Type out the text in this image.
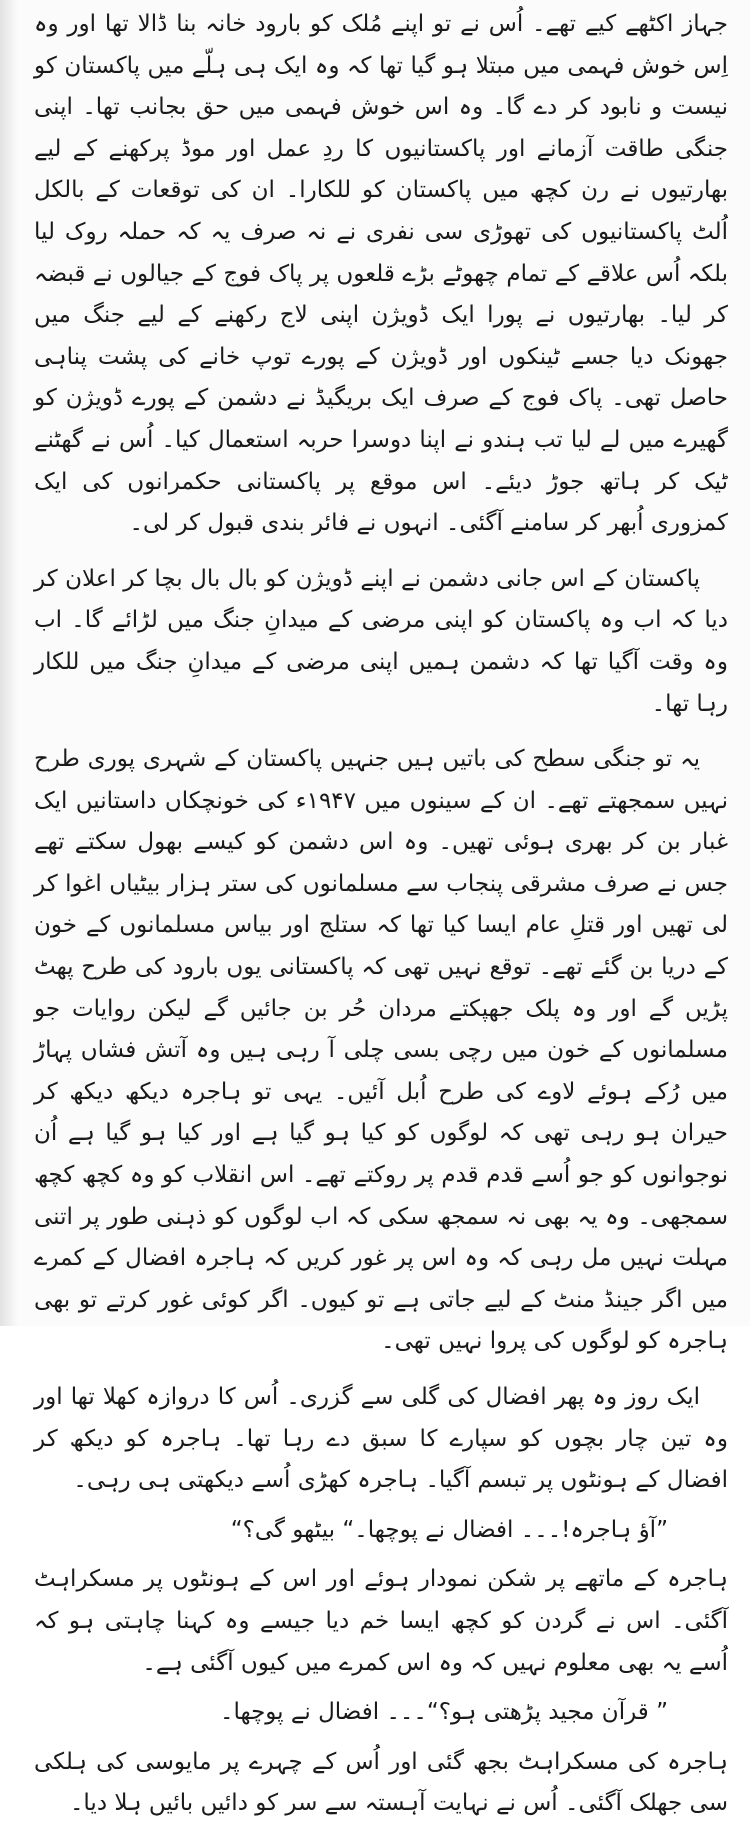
جہاز اکٹھے کیے تھے۔ اُس نے تو اپنے مُلک کو بارود خانہ بنا ڈالا تھا اور وہ اِس خوش فہمی میں مبتلا ہو گیا تھا کہ وہ ایک ہی ہلّے میں پاکستان کو نیست و نابود کر دے گا۔ وہ اس خوش فہمی میں حق بجانب تھا۔ اپنی جنگی طاقت آزمانے اور پاکستانیوں کا ردِ عمل اور موڈ پرکھنے کے لیے بھارتیوں نے رن کچھ میں پاکستان کو للکارا۔ ان کی توقعات کے بالکل اُلٹ پاکستانیوں کی تھوڑی سی نفری نے نہ صرف یہ کہ حملہ روک لیا بلکہ اُس علاقے کے تمام چھوٹے بڑے قلعوں پر پاک فوج کے جیالوں نے قبضہ کر لیا۔ بھارتیوں نے پورا ایک ڈویژن اپنی لاج رکھنے کے لیے جنگ میں جھونک دیا جسے ٹینکوں اور ڈویژن کے پورے توپ خانے کی پشت پناہی حاصل تھی۔ پاک فوج کے صرف ایک بریگیڈ نے دشمن کے پورے ڈویژن کو گھیرے میں لے لیا تب ہندو نے اپنا دوسرا حربہ استعمال کیا۔ اُس نے گھٹنے ٹیک کر ہاتھ جوڑ دیئے۔ اس موقع پر پاکستانی حکمرانوں کی ایک کمزوری اُبھر کر سامنے آگئی۔ انہوں نے فائر بندی قبول کر لی۔

پاکستان کے اس جانی دشمن نے اپنے ڈویژن کو بال بال بچا کر اعلان کر دیا کہ اب وہ پاکستان کو اپنی مرضی کے میدانِ جنگ میں لڑائے گا۔ اب وہ وقت آگیا تھا کہ دشمن ہمیں اپنی مرضی کے میدانِ جنگ میں للکار رہا تھا۔

یہ تو جنگی سطح کی باتیں ہیں جنہیں پاکستان کے شہری پوری طرح نہیں سمجھتے تھے۔ ان کے سینوں میں ۱۹۴۷ء کی خونچکاں داستانیں ایک غبار بن کر بھری ہوئی تھیں۔ وہ اس دشمن کو کیسے بھول سکتے تھے جس نے صرف مشرقی پنجاب سے مسلمانوں کی ستر ہزار بیٹیاں اغوا کر لی تھیں اور قتلِ عام ایسا کیا تھا کہ ستلج اور بیاس مسلمانوں کے خون کے دریا بن گئے تھے۔ توقع نہیں تھی کہ پاکستانی یوں بارود کی طرح پھٹ پڑیں گے اور وہ پلک جھپکتے مردان حُر بن جائیں گے لیکن روایات جو مسلمانوں کے خون میں رچی بسی چلی آ رہی ہیں وہ آتش فشاں پہاڑ میں رُکے ہوئے لاوے کی طرح اُبل آئیں۔ یہی تو ہاجرہ دیکھ دیکھ کر حیران ہو رہی تھی کہ لوگوں کو کیا ہو گیا ہے اور کیا ہو گیا ہے اُن نوجوانوں کو جو اُسے قدم قدم پر روکتے تھے۔ اس انقلاب کو وہ کچھ کچھ سمجھی۔ وہ یہ بھی نہ سمجھ سکی کہ اب لوگوں کو ذہنی طور پر اتنی مہلت نہیں مل رہی کہ وہ اس پر غور کریں کہ ہاجرہ افضال کے کمرے میں اگر جینڈ منٹ کے لیے جاتی ہے تو کیوں۔ اگر کوئی غور کرتے تو بھی ہاجرہ کو لوگوں کی پروا نہیں تھی۔

ایک روز وہ پھر افضال کی گلی سے گزری۔ اُس کا دروازہ کھلا تھا اور وہ تین چار بچوں کو سپارے کا سبق دے رہا تھا۔ ہاجرہ کو دیکھ کر افضال کے ہونٹوں پر تبسم آگیا۔ ہاجرہ کھڑی اُسے دیکھتی ہی رہی۔

”آؤ ہاجرہ!۔۔۔ افضال نے پوچھا۔“ بیٹھو گی؟“

ہاجرہ کے ماتھے پر شکن نمودار ہوئے اور اس کے ہونٹوں پر مسکراہٹ آگئی۔ اس نے گردن کو کچھ ایسا خم دیا جیسے وہ کہنا چاہتی ہو کہ اُسے یہ بھی معلوم نہیں کہ وہ اس کمرے میں کیوں آگئی ہے۔

” قرآن مجید پڑھتی ہو؟“۔۔۔ افضال نے پوچھا۔

ہاجرہ کی مسکراہٹ بجھ گئی اور اُس کے چہرے پر مایوسی کی ہلکی سی جھلک آگئی۔ اُس نے نہایت آہستہ سے سر کو دائیں بائیں ہلا دیا۔
